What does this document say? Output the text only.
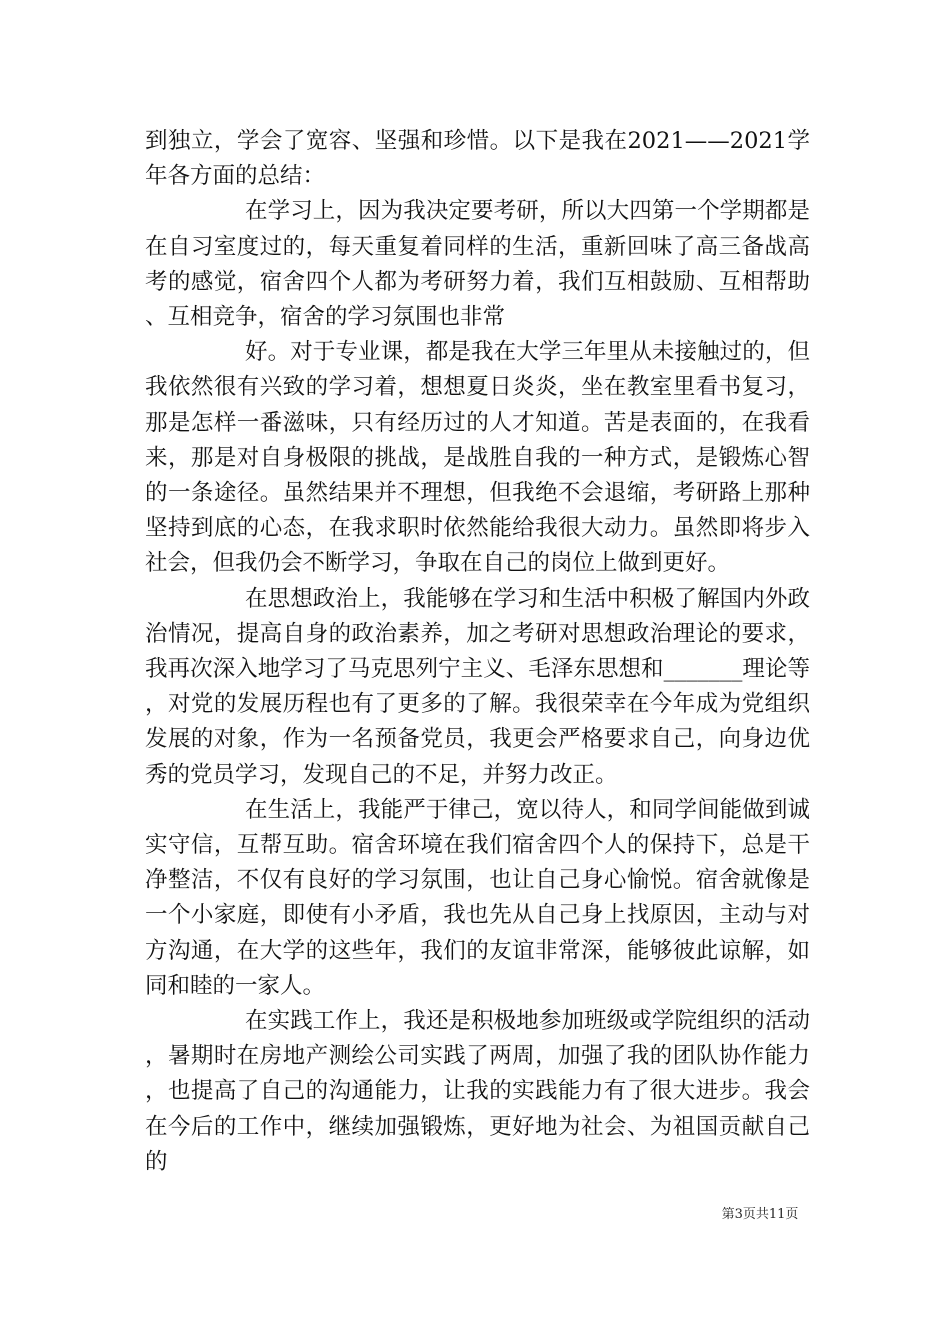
到独立，学会了宽容、坚强和珍惜。以下是我在2021——2021学年各方面的总结：

在学习上，因为我决定要考研，所以大四第一个学期都是在自习室度过的，每天重复着同样的生活，重新回味了高三备战高考的感觉，宿舍四个人都为考研努力着，我们互相鼓励、互相帮助、互相竞争，宿舍的学习氛围也非常

好。对于专业课，都是我在大学三年里从未接触过的，但我依然很有兴致的学习着，想想夏日炎炎，坐在教室里看书复习，那是怎样一番滋味，只有经历过的人才知道。苦是表面的，在我看来，那是对自身极限的挑战，是战胜自我的一种方式，是锻炼心智的一条途径。虽然结果并不理想，但我绝不会退缩，考研路上那种坚持到底的心态，在我求职时依然能给我很大动力。虽然即将步入社会，但我仍会不断学习，争取在自己的岗位上做到更好。

在思想政治上，我能够在学习和生活中积极了解国内外政治情况，提高自身的政治素养，加之考研对思想政治理论的要求，我再次深入地学习了马克思列宁主义、毛泽东思想和_______理论等，对党的发展历程也有了更多的了解。我很荣幸在今年成为党组织发展的对象，作为一名预备党员，我更会严格要求自己，向身边优秀的党员学习，发现自己的不足，并努力改正。

在生活上，我能严于律己，宽以待人，和同学间能做到诚实守信，互帮互助。宿舍环境在我们宿舍四个人的保持下，总是干净整洁，不仅有良好的学习氛围，也让自己身心愉悦。宿舍就像是一个小家庭，即使有小矛盾，我也先从自己身上找原因，主动与对方沟通，在大学的这些年，我们的友谊非常深，能够彼此谅解，如同和睦的一家人。

在实践工作上，我还是积极地参加班级或学院组织的活动，暑期时在房地产测绘公司实践了两周，加强了我的团队协作能力，也提高了自己的沟通能力，让我的实践能力有了很大进步。我会在今后的工作中，继续加强锻炼，更好地为社会、为祖国贡献自己的

第3页共11页
